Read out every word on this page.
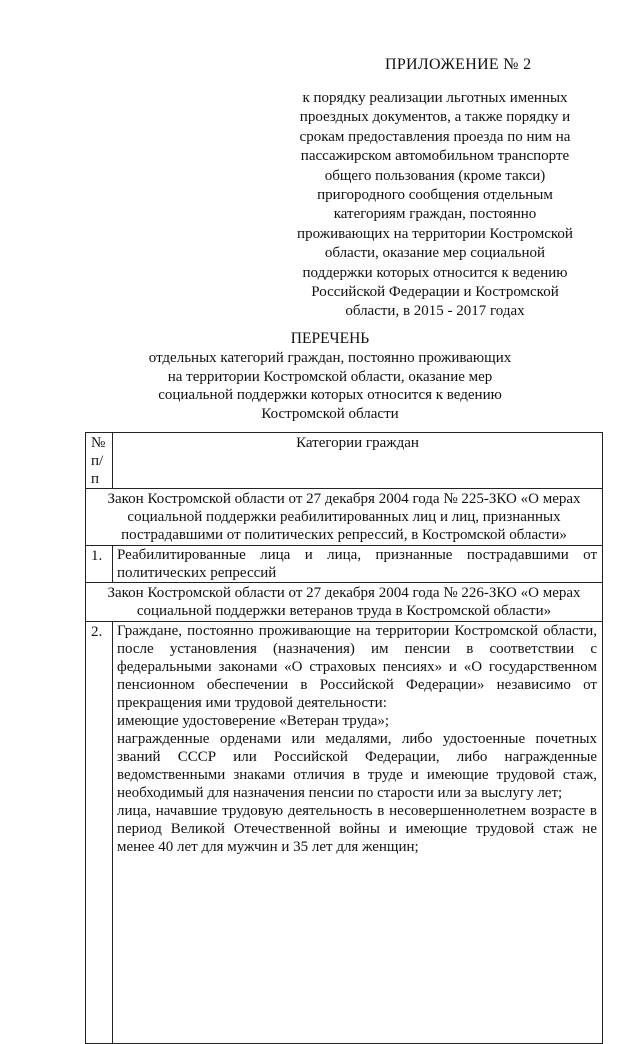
ПРИЛОЖЕНИЕ № 2
к порядку реализации льготных именных
проездных документов, а также порядку и
срокам предоставления проезда по ним на
пассажирском автомобильном транспорте
общего пользования (кроме такси)
пригородного сообщения отдельным
категориям граждан, постоянно
проживающих на территории Костромской
области, оказание мер социальной
поддержки которых относится к ведению
Российской Федерации и Костромской
области, в 2015 - 2017 годах
ПЕРЕЧЕНЬ
отдельных категорий граждан, постоянно проживающих
на территории Костромской области, оказание мер
социальной поддержки которых относится к ведению
Костромской области
№
п/п	Категории граждан
Закон Костромской области от 27 декабря 2004 года № 225-ЗКО «О мерах социальной поддержки реабилитированных лиц и лиц, признанных пострадавшими от политических репрессий, в Костромской области»	
1.	Реабилитированные лица и лица, признанные пострадавшими от политических репрессий
Закон Костромской области от 27 декабря 2004 года № 226-ЗКО «О мерах социальной поддержки ветеранов труда в Костромской области»	
2.	Граждане, постоянно проживающие на территории Костромской области, после установления (назначения) им пенсии в соответствии с федеральными законами «О страховых пенсиях» и «О государственном пенсионном обеспечении в Российской Федерации» независимо от прекращения ими трудовой деятельности:

имеющие удостоверение «Ветеран труда»;

награжденные орденами или медалями, либо удостоенные почетных званий СССР или Российской Федерации, либо награжденные ведомственными знаками отличия в труде и имеющие трудовой стаж, необходимый для назначения пенсии по старости или за выслугу лет;

лица, начавшие трудовую деятельность в несовершеннолетнем возрасте в период Великой Отечественной войны и имеющие трудовой стаж не менее 40 лет для мужчин и 35 лет для женщин;
